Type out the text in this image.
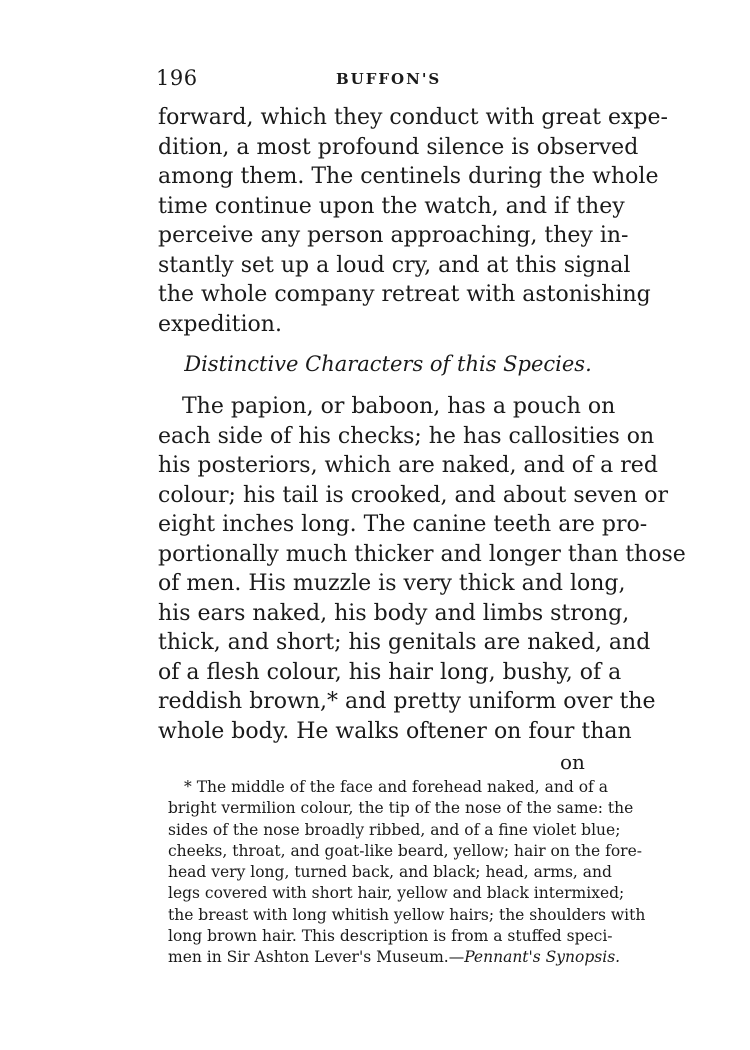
196	BUFFON'S
forward, which they conduct with great expe-
dition, a most profound silence is observed
among them. The centinels during the whole
time continue upon the watch, and if they
perceive any person approaching, they in-
stantly set up a loud cry, and at this signal
the whole company retreat with astonishing
expedition.
Distinctive Characters of this Species.
The papion, or baboon, has a pouch on
each side of his checks; he has callosities on
his posteriors, which are naked, and of a red
colour; his tail is crooked, and about seven or
eight inches long. The canine teeth are pro-
portionally much thicker and longer than those
of men. His muzzle is very thick and long,
his ears naked, his body and limbs strong,
thick, and short; his genitals are naked, and
of a flesh colour, his hair long, bushy, of a
reddish brown,* and pretty uniform over the
whole body. He walks oftener on four than
on
* The middle of the face and forehead naked, and of a
bright vermilion colour, the tip of the nose of the same: the
sides of the nose broadly ribbed, and of a fine violet blue;
cheeks, throat, and goat-like beard, yellow; hair on the fore-
head very long, turned back, and black; head, arms, and
legs covered with short hair, yellow and black intermixed;
the breast with long whitish yellow hairs; the shoulders with
long brown hair. This description is from a stuffed speci-
men in Sir Ashton Lever's Museum.—Pennant's Synopsis.
